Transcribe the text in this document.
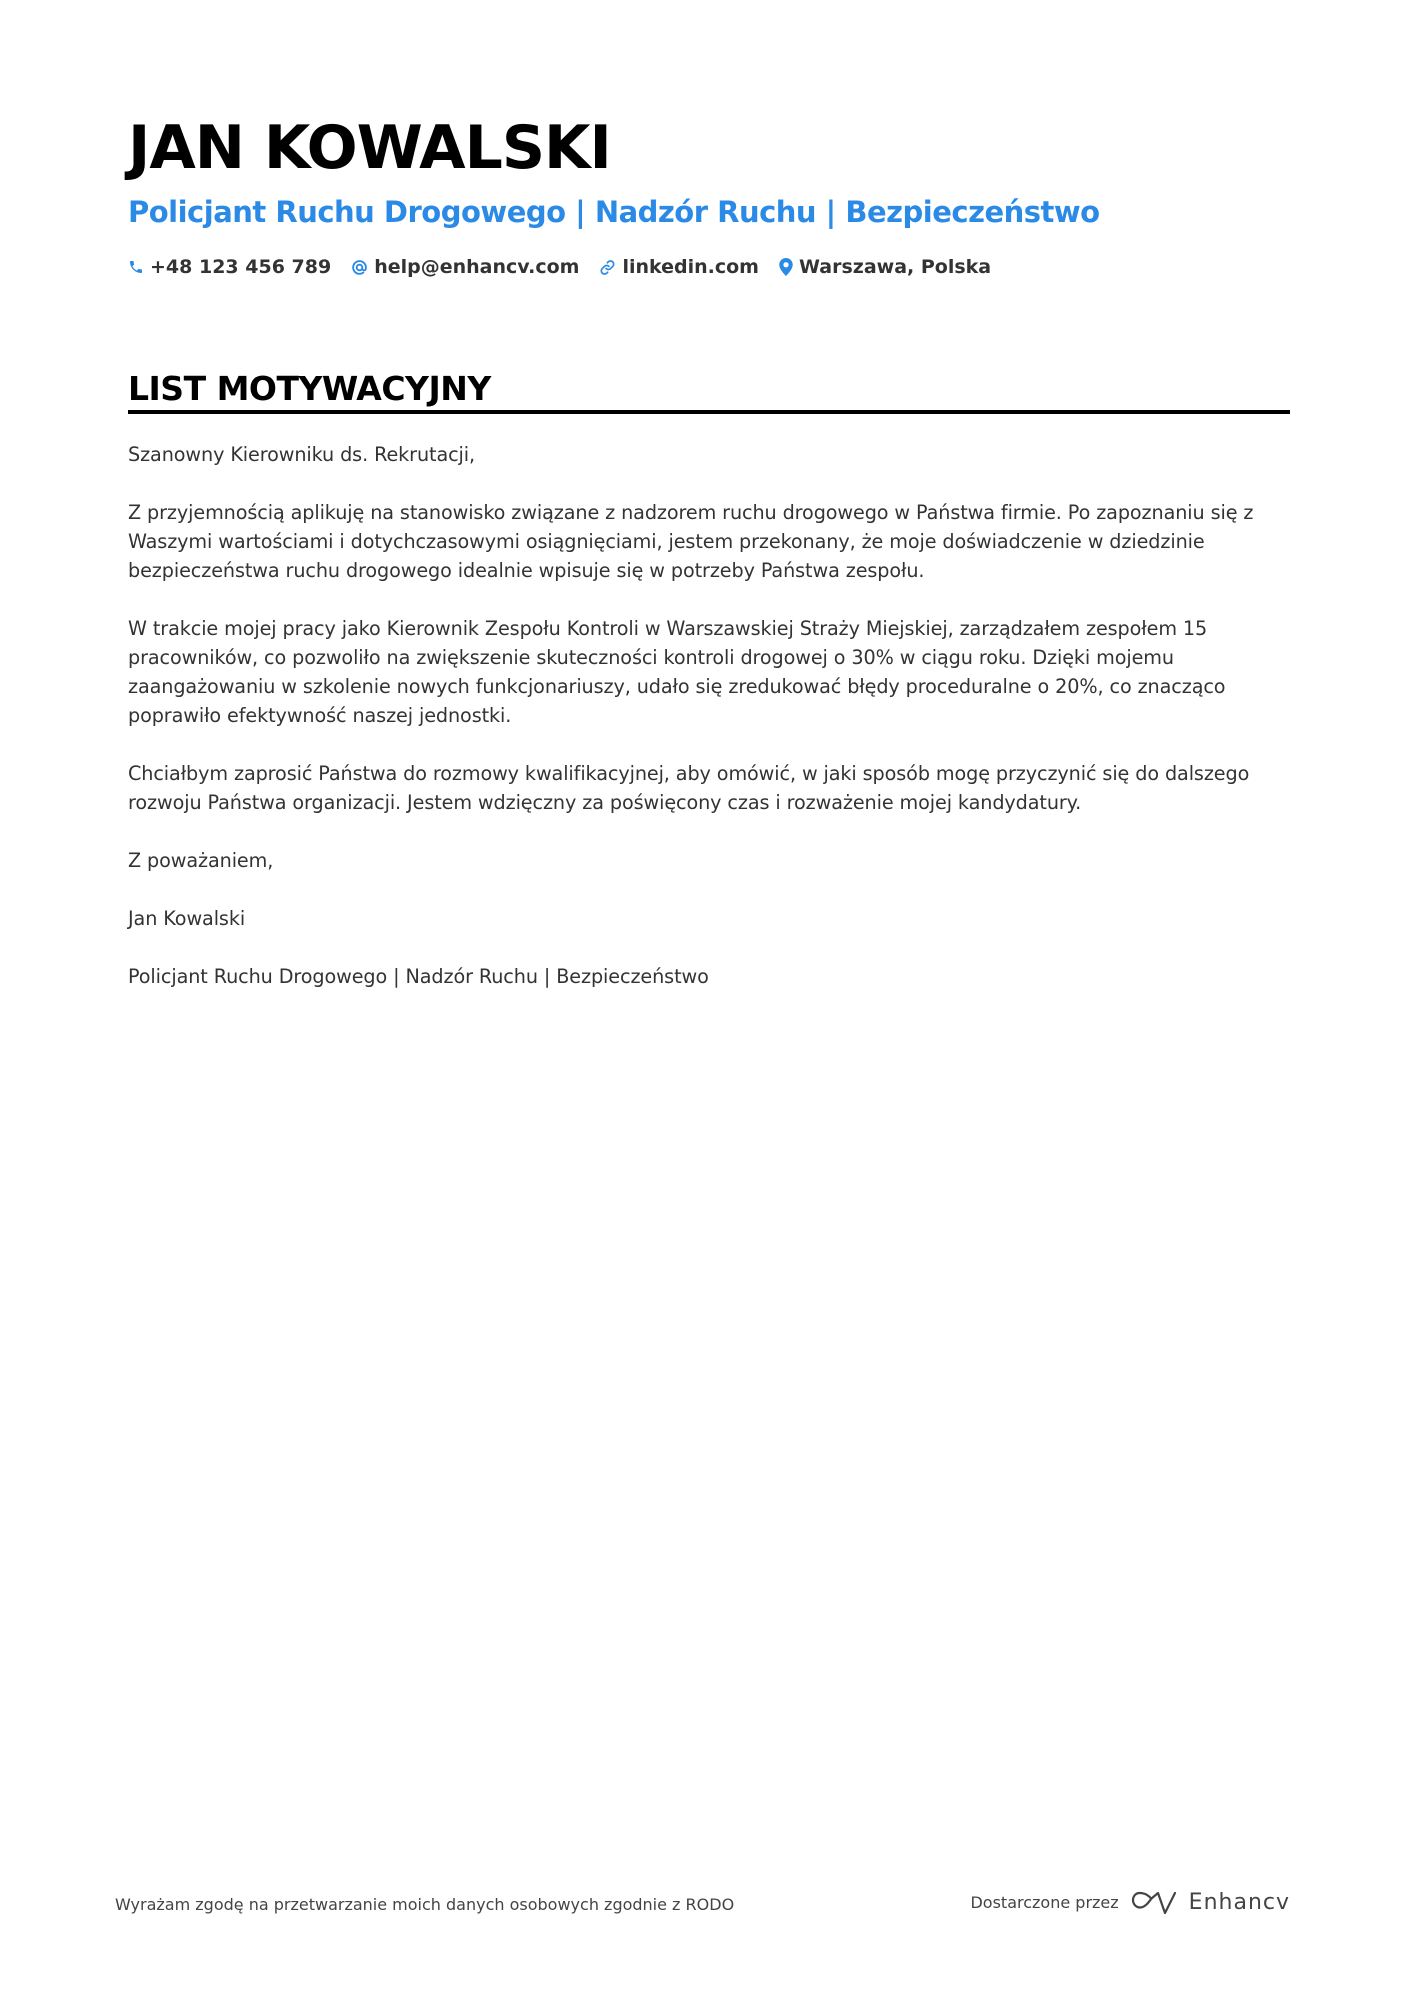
JAN KOWALSKI
Policjant Ruchu Drogowego | Nadzór Ruchu | Bezpieczeństwo
+48 123 456 789 help@enhancv.com linkedin.com Warszawa, Polska
LIST MOTYWACYJNY

Szanowny Kierowniku ds. Rekrutacji,

Z przyjemnością aplikuję na stanowisko związane z nadzorem ruchu drogowego w Państwa firmie. Po zapoznaniu się z Waszymi wartościami i dotychczasowymi osiągnięciami, jestem przekonany, że moje doświadczenie w dziedzinie bezpieczeństwa ruchu drogowego idealnie wpisuje się w potrzeby Państwa zespołu.

W trakcie mojej pracy jako Kierownik Zespołu Kontroli w Warszawskiej Straży Miejskiej, zarządzałem zespołem 15 pracowników, co pozwoliło na zwiększenie skuteczności kontroli drogowej o 30% w ciągu roku. Dzięki mojemu zaangażowaniu w szkolenie nowych funkcjonariuszy, udało się zredukować błędy proceduralne o 20%, co znacząco poprawiło efektywność naszej jednostki.

Chciałbym zaprosić Państwa do rozmowy kwalifikacyjnej, aby omówić, w jaki sposób mogę przyczynić się do dalszego rozwoju Państwa organizacji. Jestem wdzięczny za poświęcony czas i rozważenie mojej kandydatury.

Z poważaniem,

Jan Kowalski

Policjant Ruchu Drogowego | Nadzór Ruchu | Bezpieczeństwo

Wyrażam zgodę na przetwarzanie moich danych osobowych zgodnie z RODO	Dostarczone przez	Enhancv
